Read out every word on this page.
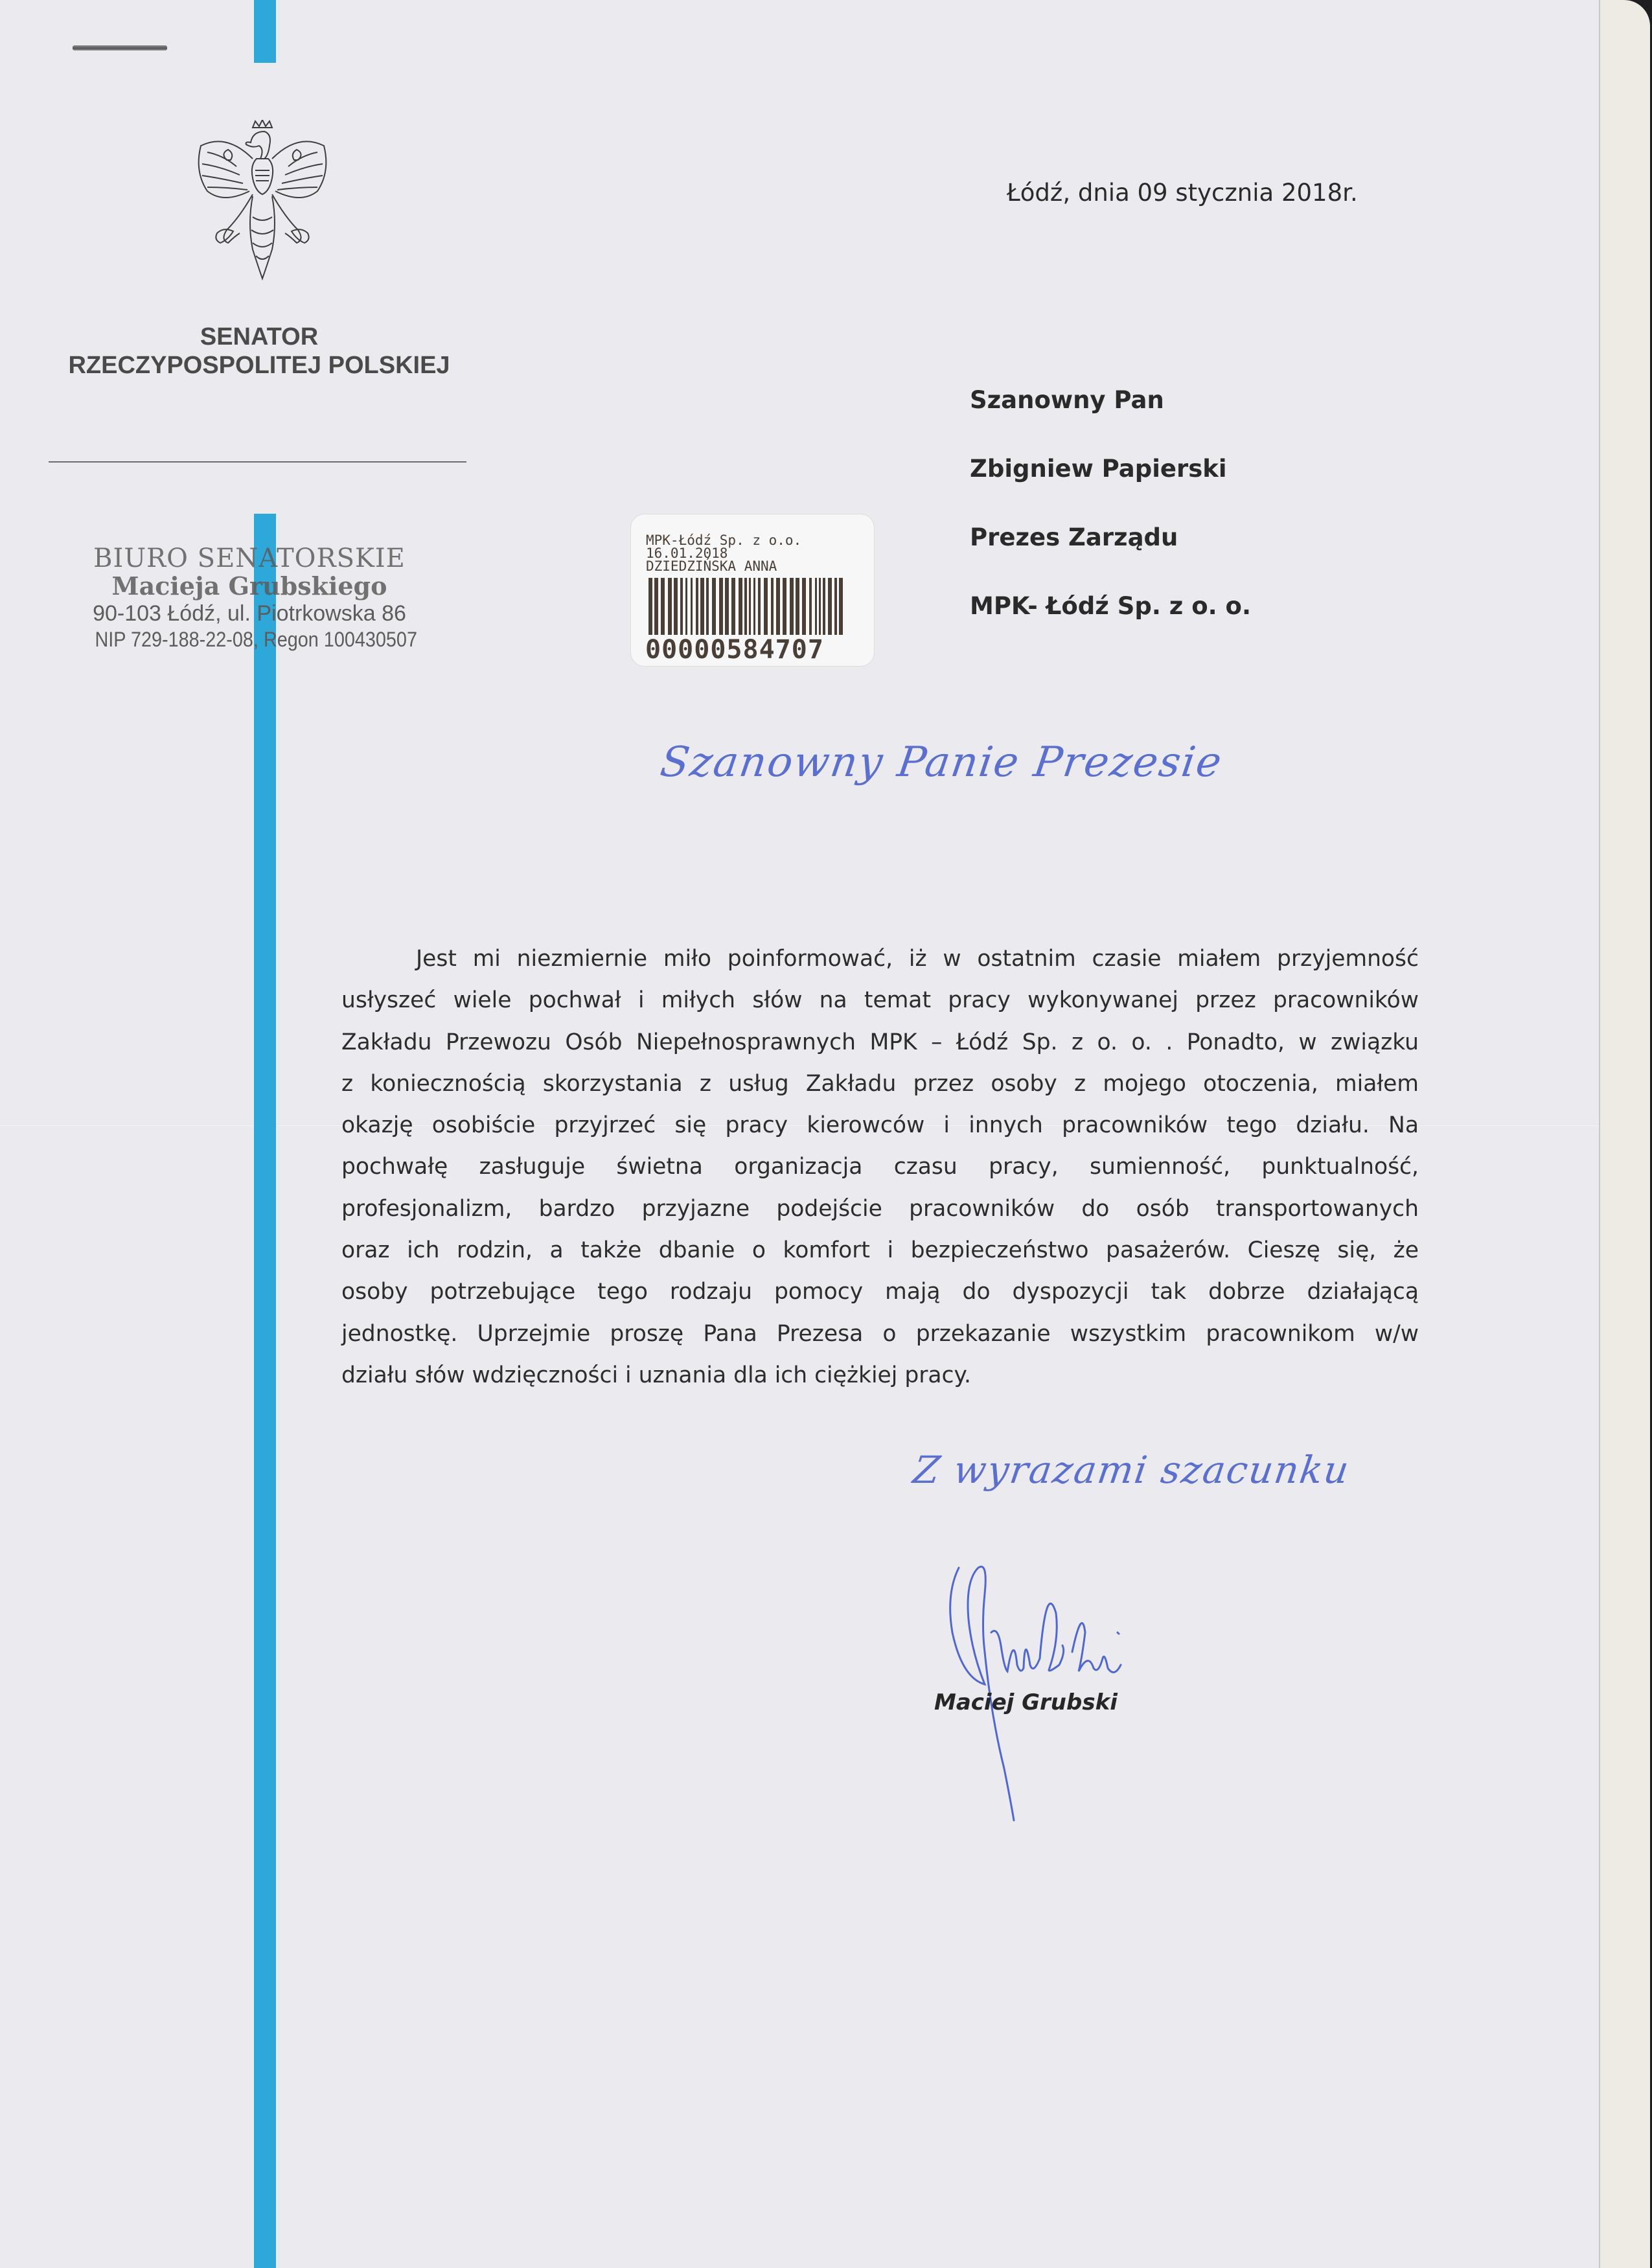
SENATOR
RZECZYPOSPOLITEJ POLSKIEJ
BIURO SENATORSKIE
Macieja Grubskiego
90-103 Łódź, ul. Piotrkowska 86
NIP 729-188-22-08, Regon 100430507
MPK-Łódź Sp. z o.o.
16.01.2018
DZIEDZIŃSKA ANNA
00000584707
Łódź, dnia 09 stycznia 2018r.
Szanowny Pan
Zbigniew Papierski
Prezes Zarządu
MPK- Łódź Sp. z o. o.
Szanowny Panie Prezesie
Jest mi niezmiernie miło poinformować, iż w ostatnim czasie miałem przyjemność
usłyszeć wiele pochwał i miłych słów na temat pracy wykonywanej przez pracowników
Zakładu Przewozu Osób Niepełnosprawnych MPK – Łódź Sp. z o. o. . Ponadto, w związku
z koniecznością skorzystania z usług Zakładu przez osoby z mojego otoczenia, miałem
okazję osobiście przyjrzeć się pracy kierowców i innych pracowników tego działu. Na
pochwałę zasługuje świetna organizacja czasu pracy, sumienność, punktualność,
profesjonalizm, bardzo przyjazne podejście pracowników do osób transportowanych
oraz ich rodzin, a także dbanie o komfort i bezpieczeństwo pasażerów. Cieszę się, że
osoby potrzebujące tego rodzaju pomocy mają do dyspozycji tak dobrze działającą
jednostkę. Uprzejmie proszę Pana Prezesa o przekazanie wszystkim pracownikom w/w
działu słów wdzięczności i uznania dla ich ciężkiej pracy.
Z wyrazami szacunku
Maciej Grubski
